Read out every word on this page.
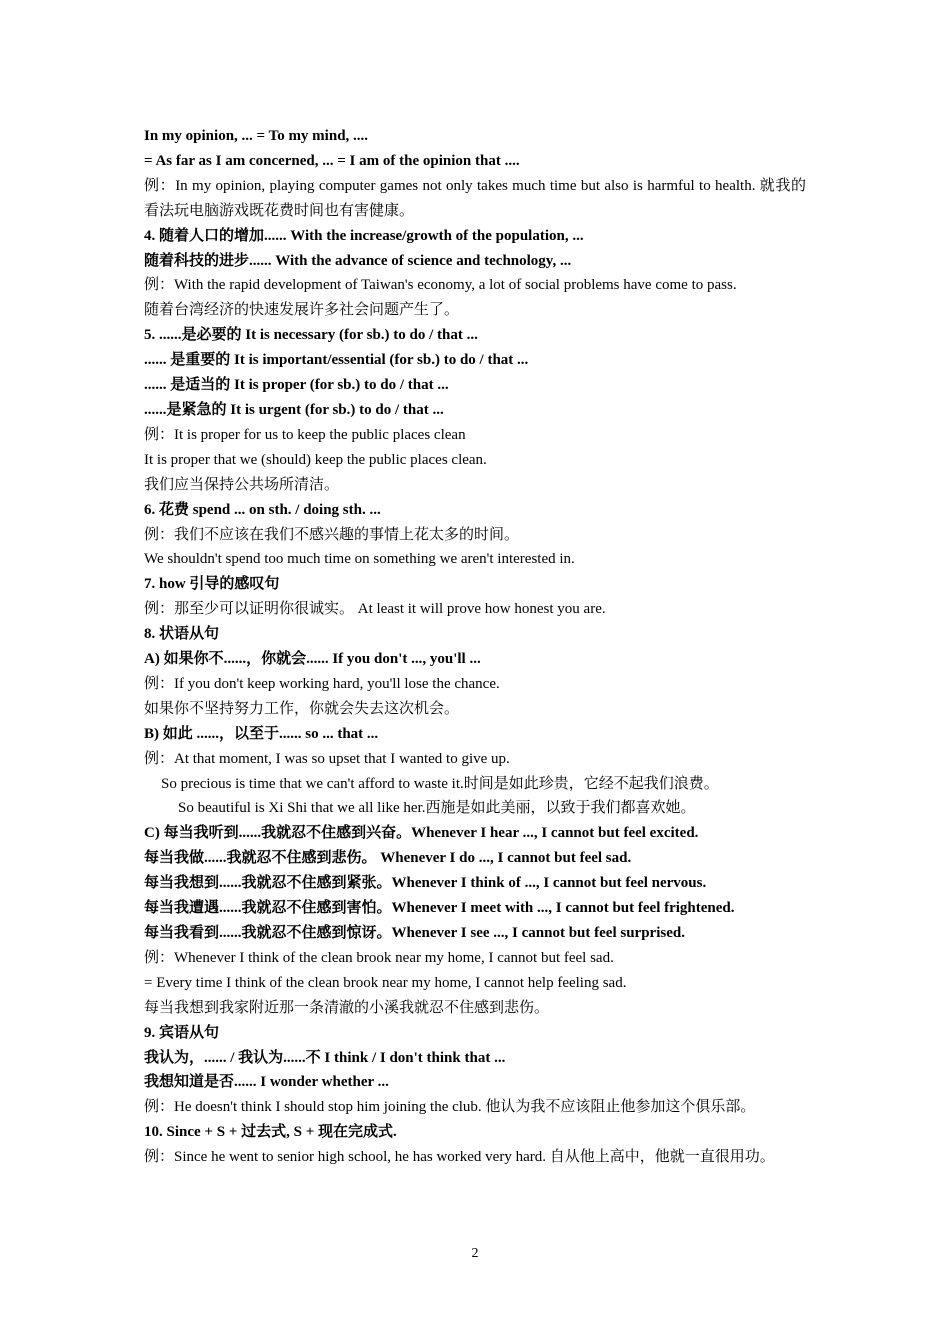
In my opinion, ... = To my mind, ....
= As far as I am concerned, ... = I am of the opinion that ....
例：In my opinion, playing computer games not only takes much time but also is harmful to health. 就我的看法玩电脑游戏既花费时间也有害健康。
4. 随着人口的增加...... With the increase/growth of the population, ...
随着科技的进步...... With the advance of science and technology, ...
例：With the rapid development of Taiwan's economy, a lot of social problems have come to pass.
随着台湾经济的快速发展许多社会问题产生了。
5. ......是必要的 It is necessary (for sb.) to do / that ...
...... 是重要的 It is important/essential (for sb.) to do / that ...
...... 是适当的 It is proper (for sb.) to do / that ...
......是紧急的 It is urgent (for sb.) to do / that ...
例：It is proper for us to keep the public places clean
It is proper that we (should) keep the public places clean.
我们应当保持公共场所清洁。
6. 花费 spend ... on sth. / doing sth. ...
例：我们不应该在我们不感兴趣的事情上花太多的时间。
We shouldn't spend too much time on something we aren't interested in.
7. how 引导的感叹句
例：那至少可以证明你很诚实。 At least it will prove how honest you are.
8. 状语从句
A) 如果你不......，你就会...... If you don't ..., you'll ...
例：If you don't keep working hard, you'll lose the chance.
如果你不坚持努力工作，你就会失去这次机会。
B) 如此 ......，以至于...... so ... that ...
例：At that moment, I was so upset that I wanted to give up.
So precious is time that we can't afford to waste it.时间是如此珍贵，它经不起我们浪费。
So beautiful is Xi Shi that we all like her.西施是如此美丽，以致于我们都喜欢她。
C) 每当我听到......我就忍不住感到兴奋。Whenever I hear ..., I cannot but feel excited.
每当我做......我就忍不住感到悲伤。 Whenever I do ..., I cannot but feel sad.
每当我想到......我就忍不住感到紧张。Whenever I think of ..., I cannot but feel nervous.
每当我遭遇......我就忍不住感到害怕。Whenever I meet with ..., I cannot but feel frightened.
每当我看到......我就忍不住感到惊讶。Whenever I see ..., I cannot but feel surprised.
例：Whenever I think of the clean brook near my home, I cannot but feel sad.
= Every time I think of the clean brook near my home, I cannot help feeling sad.
每当我想到我家附近那一条清澈的小溪我就忍不住感到悲伤。
9. 宾语从句
我认为，...... / 我认为......不 I think / I don't think that ...
我想知道是否...... I wonder whether ...
例：He doesn't think I should stop him joining the club. 他认为我不应该阻止他参加这个俱乐部。
10. Since + S + 过去式, S + 现在完成式.
例：Since he went to senior high school, he has worked very hard. 自从他上高中，他就一直很用功。
2
